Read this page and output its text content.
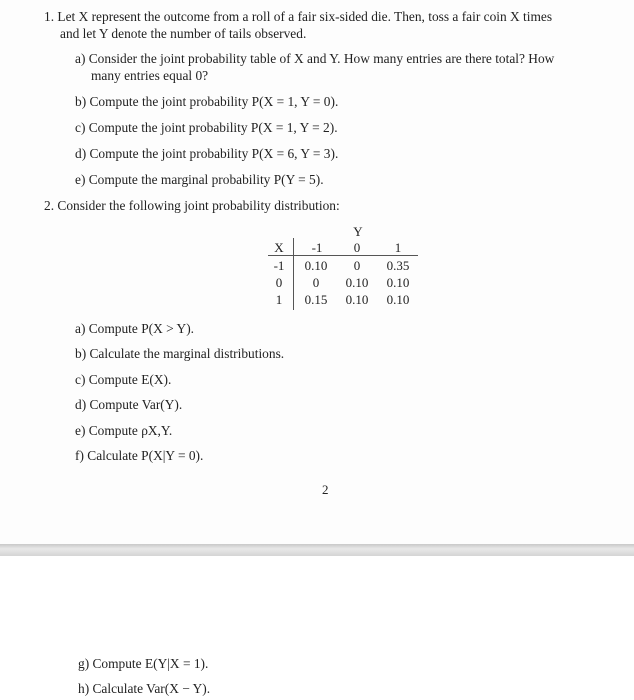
1. Let X represent the outcome from a roll of a fair six-sided die. Then, toss a fair coin X times
and let Y denote the number of tails observed.
a) Consider the joint probability table of X and Y. How many entries are there total? How
many entries equal 0?
b) Compute the joint probability P(X = 1, Y = 0).
c) Compute the joint probability P(X = 1, Y = 2).
d) Compute the joint probability P(X = 6, Y = 3).
e) Compute the marginal probability P(Y = 5).
2. Consider the following joint probability distribution:
Y
X	-1	0	1
-1	0.10	0	0.35
0	0	0.10	0.10
1	0.15	0.10	0.10
a) Compute P(X > Y).
b) Calculate the marginal distributions.
c) Compute E(X).
d) Compute Var(Y).
e) Compute ρX,Y.
f) Calculate P(X|Y = 0).
2
g) Compute E(Y|X = 1).
h) Calculate Var(X − Y).
